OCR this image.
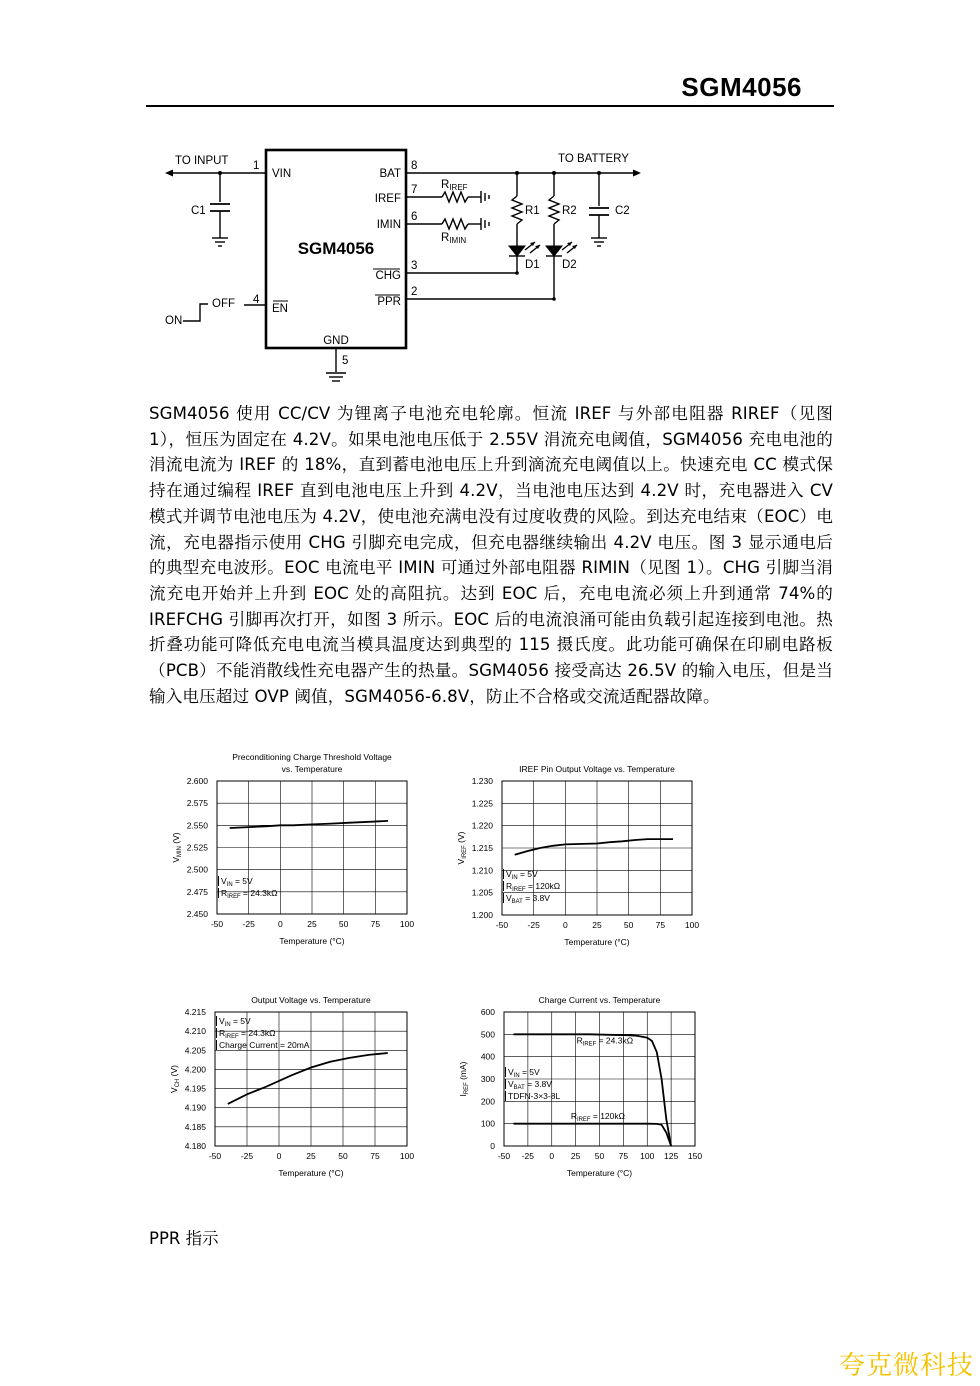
SGM4056
TO INPUT	TO BATTERY
1
VIN
8
BAT
7
IREF
6
IMIN
3
CHG
2
PPR
4
EN
5
GND
C1	C2
R1 R2
D1 D2
ON
OFF
RIREF
RIMIN
SGM4056
SGM4056 使用 CC/CV 为锂离子电池充电轮廓。恒流 IREF 与外部电阻器 RIREF（见图 1），恒压为固定在 4.2V。如果电池电压低于 2.55V 涓流充电阈值，SGM4056 充电电池的涓流电流为 IREF 的 18%，直到蓄电池电压上升到滴流充电阈值以上。快速充电 CC 模式保持在通过编程 IREF 直到电池电压上升到 4.2V，当电池电压达到 4.2V 时，充电器进入 CV 模式并调节电池电压为 4.2V，使电池充满电没有过度收费的风险。到达充电结束（EOC）电流，充电器指示使用 CHG 引脚充电完成，但充电器继续输出 4.2V 电压。图 3 显示通电后的典型充电波形。EOC 电流电平 IMIN 可通过外部电阻器 RIMIN（见图 1）。CHG 引脚当涓流充电开始并上升到 EOC 处的高阻抗。达到 EOC 后，充电电流必须上升到通常 74%的 IREFCHG 引脚再次打开，如图 3 所示。EOC 后的电流浪涌可能由负载引起连接到电池。热折叠功能可降低充电电流当模具温度达到典型的 115 摄氏度。此功能可确保在印刷电路板（PCB）不能消散线性充电器产生的热量。SGM4056 接受高达 26.5V 的输入电压，但是当输入电压超过 OVP 阈值，SGM4056-6.8V，防止不合格或交流适配器故障。
Preconditioning Charge Threshold Voltage
vs. Temperature
-50 -25	0	25	50	75 100
2.450
2.475
2.500
2.525
2.550
2.575
2.600
Temperature (°C)
$V_{MIN}$ (V)
$V_{IN} = 5V$
$R_{IREF} = 24.3k\Omega$
IREF Pin Output Voltage vs. Temperature
-50 -25	0	25	50	75 100
1.200
1.205
1.210
1.215
1.220
1.225
1.230
Temperature (°C)
$V_{IREF}$ (V)
$V_{IN} = 5V$
$R_{IREF} = 120k\Omega$
$V_{BAT} = 3.8V$
Output Voltage vs. Temperature
-50 -25	0	25	50	75 100
4.180
4.185
4.190
4.195
4.200
4.205
4.210
4.215
Temperature (°C)
$V_{CH}$ (V)
$V_{IN} = 5V$
$R_{IREF} = 24.3k\Omega$
Charge Current = 20mA
Charge Current vs. Temperature
-50 -25 0 25 50 75 100 125 150
0
100
200
300
400
500
600
Temperature (°C)
$I_{REF}$ (mA)	$V_{IN} = 5V$
$V_{BAT} = 3.8V$
TDFN-3×3-8L
$R_{IREF} = 24.3k\Omega$
$R_{IREF} = 120k\Omega$
PPR 指示
夸克微科技
